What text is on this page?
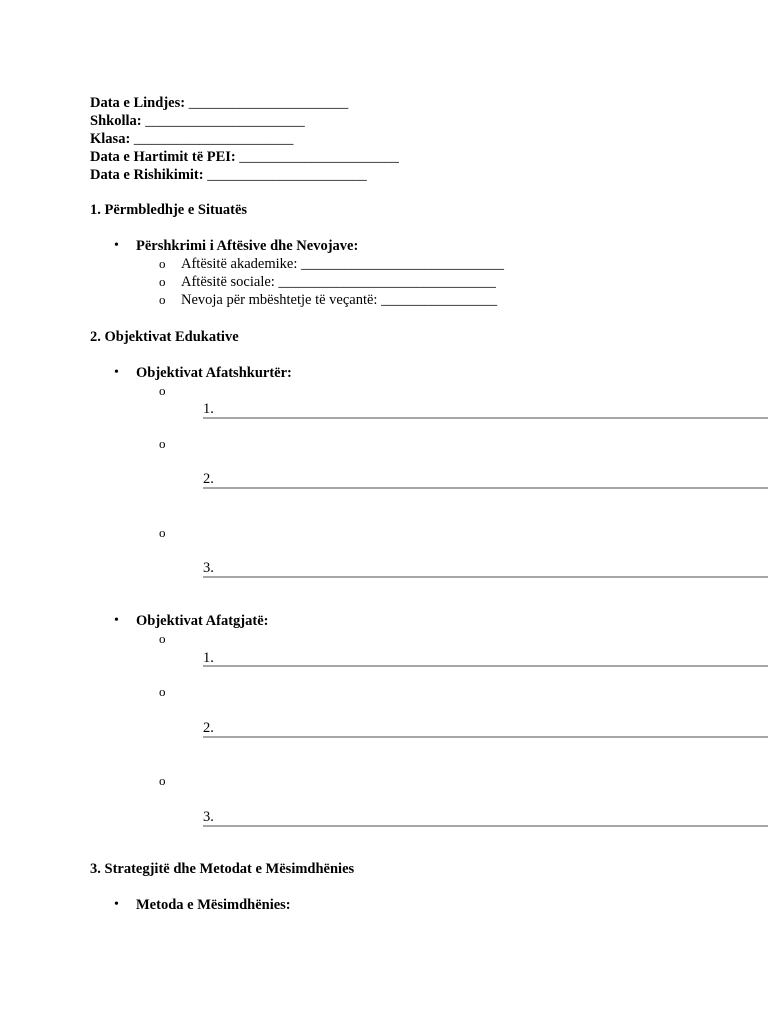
Data e Lindjes: ______________________
Shkolla: ______________________
Klasa: ______________________
Data e Hartimit të PEI: ______________________
Data e Rishikimit: ______________________
1. Përmbledhje e Situatës
• Përshkrimi i Aftësive dhe Nevojave:
o Aftësitë akademike: ____________________________
o Aftësitë sociale: ______________________________
o Nevoja për mbështetje të veçantë: ________________
2. Objektivat Edukative
• Objektivat Afatshkurtër:
o
1.
o
2.
o
3.
• Objektivat Afatgjatë:
o
1.
o
2.
o
3.
3. Strategjitë dhe Metodat e Mësimdhënies
• Metoda e Mësimdhënies:
